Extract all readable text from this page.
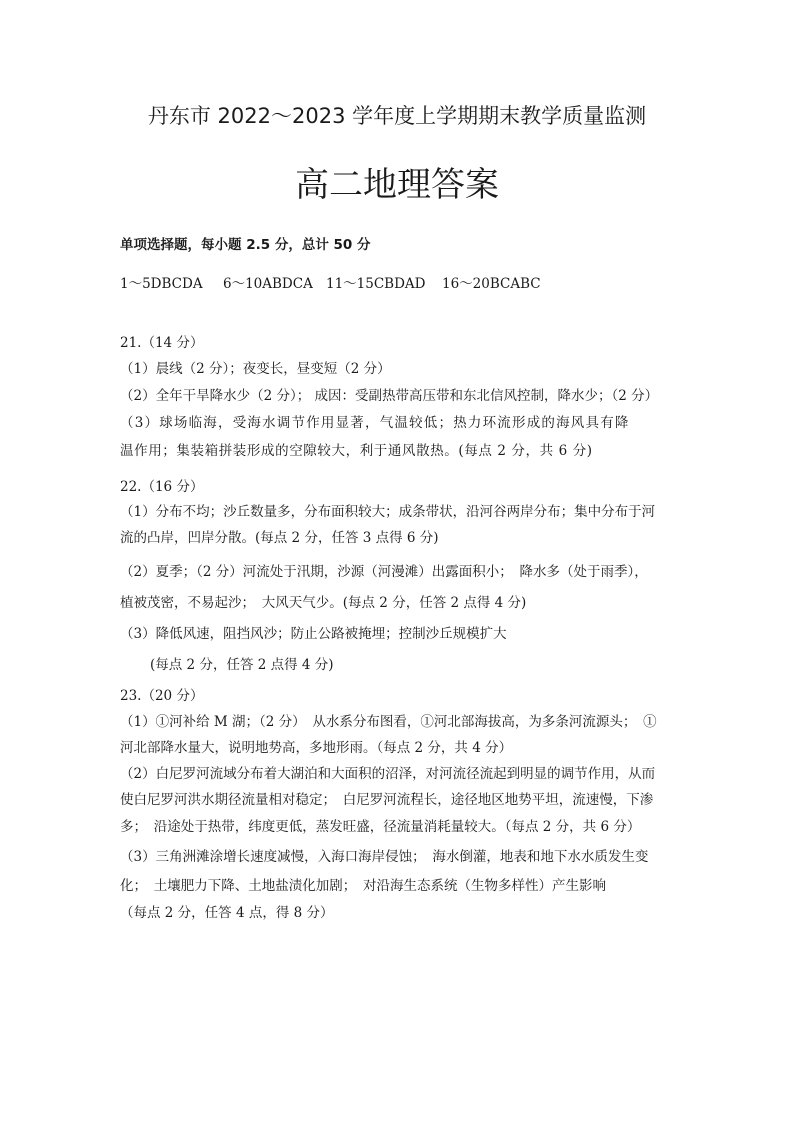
丹东市 2022～2023 学年度上学期期末教学质量监测
高二地理答案
单项选择题，每小题 2.5 分，总计 50 分
1～5DBCDA 6～10ABDCA 11～15CBDAD 16～20BCABC
21.（14 分）
（1）晨线（2 分）；夜变长，昼变短（2 分）
（2）全年干旱降水少（2 分）； 成因：受副热带高压带和东北信风控制，降水少；（2 分）
（3）球场临海，受海水调节作用显著，气温较低；热力环流形成的海风具有降
温作用；集装箱拼装形成的空隙较大，利于通风散热。(每点 2 分，共 6 分)
22.（16 分）
（1）分布不均；沙丘数量多，分布面积较大；成条带状，沿河谷两岸分布；集中分布于河
流的凸岸，凹岸分散。(每点 2 分，任答 3 点得 6 分)
（2）夏季；（2 分）河流处于汛期，沙源（河漫滩）出露面积小；　降水多（处于雨季），
植被茂密，不易起沙；　大风天气少。(每点 2 分，任答 2 点得 4 分)
（3）降低风速，阻挡风沙；防止公路被掩埋；控制沙丘规模扩大
(每点 2 分，任答 2 点得 4 分)
23.（20 分）
（1）①河补给 M 湖；（2 分）　从水系分布图看，①河北部海拔高，为多条河流源头；　①
河北部降水量大，说明地势高，多地形雨。（每点 2 分，共 4 分）
（2）白尼罗河流域分布着大湖泊和大面积的沼泽，对河流径流起到明显的调节作用，从而
使白尼罗河洪水期径流量相对稳定；　白尼罗河流程长，途径地区地势平坦，流速慢，下渗
多；　沿途处于热带，纬度更低，蒸发旺盛，径流量消耗量较大。（每点 2 分，共 6 分）
（3）三角洲滩涂增长速度减慢，入海口海岸侵蚀；　海水倒灌，地表和地下水水质发生变
化；　土壤肥力下降、土地盐渍化加剧；　对沿海生态系统（生物多样性）产生影响
（每点 2 分，任答 4 点，得 8 分）
